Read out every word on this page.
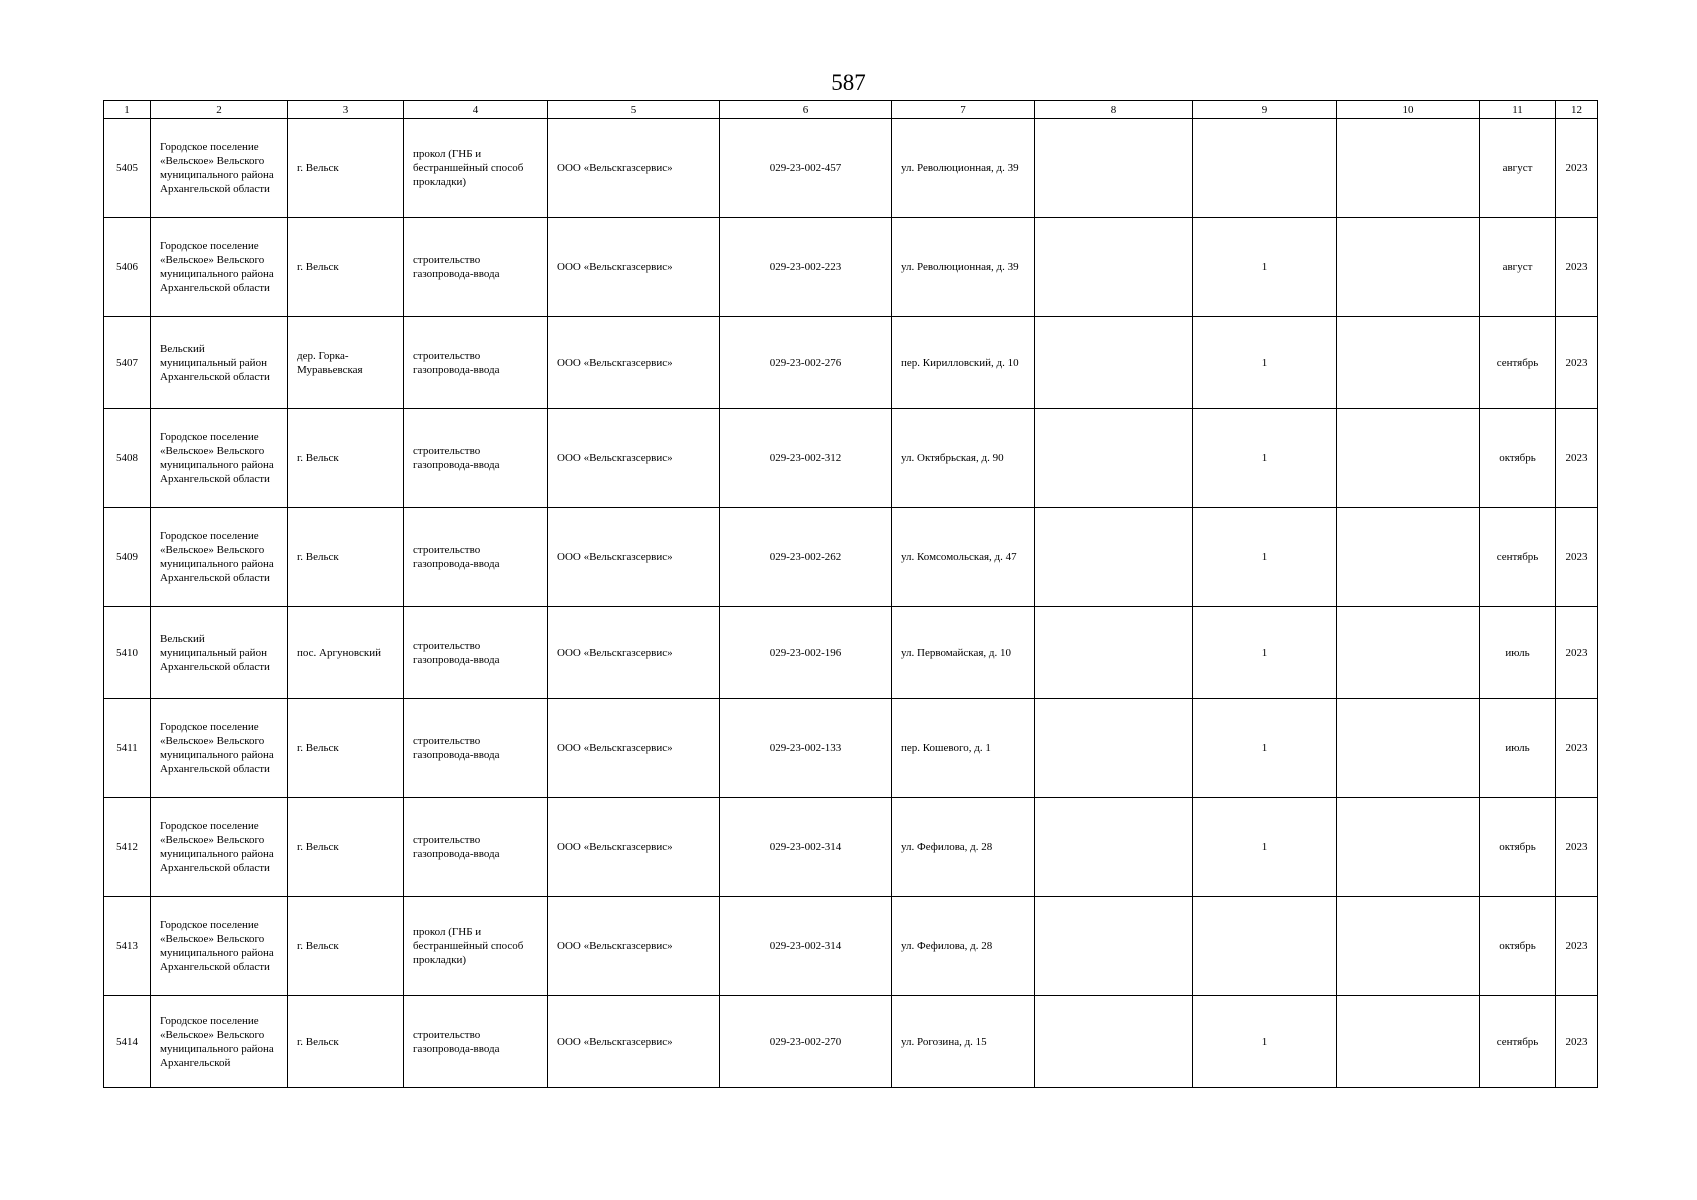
587
1	2	3	4	5	6	7	8	9	10	11	12
5405	Городское поселение «Вельское» Вельского муниципального района Архангельской области	г. Вельск	прокол (ГНБ и бестраншейный способ прокладки)	ООО «Вельскгазсервис»	029-23-002-457	ул. Революционная, д. 39				август	2023
5406	Городское поселение «Вельское» Вельского муниципального района Архангельской области	г. Вельск	строительство газопровода-ввода	ООО «Вельскгазсервис»	029-23-002-223	ул. Революционная, д. 39		1		август	2023
5407	Вельский муниципальный район Архангельской области	дер. Горка-Муравьевская	строительство газопровода-ввода	ООО «Вельскгазсервис»	029-23-002-276	пер. Кирилловский, д. 10		1		сентябрь	2023
5408	Городское поселение «Вельское» Вельского муниципального района Архангельской области	г. Вельск	строительство газопровода-ввода	ООО «Вельскгазсервис»	029-23-002-312	ул. Октябрьская, д. 90		1		октябрь	2023
5409	Городское поселение «Вельское» Вельского муниципального района Архангельской области	г. Вельск	строительство газопровода-ввода	ООО «Вельскгазсервис»	029-23-002-262	ул. Комсомольская, д. 47		1		сентябрь	2023
5410	Вельский муниципальный район Архангельской области	пос. Аргуновский	строительство газопровода-ввода	ООО «Вельскгазсервис»	029-23-002-196	ул. Первомайская, д. 10		1		июль	2023
5411	Городское поселение «Вельское» Вельского муниципального района Архангельской области	г. Вельск	строительство газопровода-ввода	ООО «Вельскгазсервис»	029-23-002-133	пер. Кошевого, д. 1		1		июль	2023
5412	Городское поселение «Вельское» Вельского муниципального района Архангельской области	г. Вельск	строительство газопровода-ввода	ООО «Вельскгазсервис»	029-23-002-314	ул. Фефилова, д. 28		1		октябрь	2023
5413	Городское поселение «Вельское» Вельского муниципального района Архангельской области	г. Вельск	прокол (ГНБ и бестраншейный способ прокладки)	ООО «Вельскгазсервис»	029-23-002-314	ул. Фефилова, д. 28				октябрь	2023
5414	Городское поселение «Вельское» Вельского муниципального района Архангельской	г. Вельск	строительство газопровода-ввода	ООО «Вельскгазсервис»	029-23-002-270	ул. Рогозина, д. 15		1		сентябрь	2023
